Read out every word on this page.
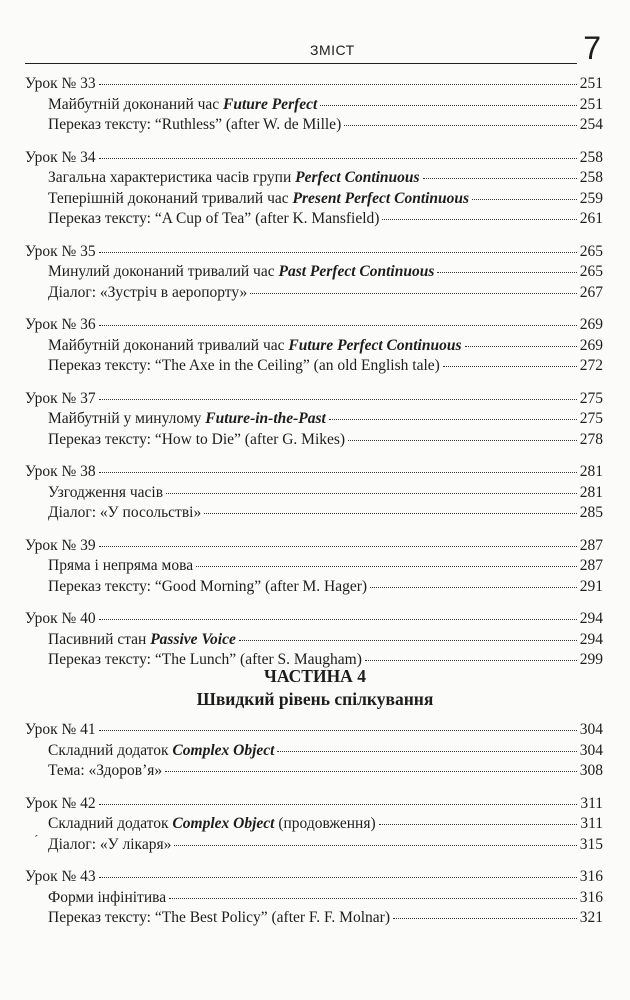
ЗМІСТ	7
Урок № 33	251
Майбутній доконаний час Future Perfect	251
Переказ тексту: “Ruthless” (after W. de Mille)	254
Урок № 34	258
Загальна характеристика часів групи Perfect Continuous	258
Теперішній доконаний тривалий час Present Perfect Continuous	259
Переказ тексту: “A Cup of Tea” (after K. Mansfield)	261
Урок № 35	265
Минулий доконаний тривалий час Past Perfect Continuous	265
Діалог: «Зустріч в аеропорту»	267
Урок № 36	269
Майбутній доконаний тривалий час Future Perfect Continuous	269
Переказ тексту: “The Axe in the Ceiling” (an old English tale)	272
Урок № 37	275
Майбутній у минулому Future-in-the-Past	275
Переказ тексту: “How to Die” (after G. Mikes)	278
Урок № 38	281
Узгодження часів	281
Діалог: «У посольстві»	285
Урок № 39	287
Пряма і непряма мова	287
Переказ тексту: “Good Morning” (after M. Hager)	291
Урок № 40	294
Пасивний стан Passive Voice	294
Переказ тексту: “The Lunch” (after S. Maugham)	299
ЧАСТИНА 4
Швидкий рівень спілкування
Урок № 41	304
Складний додаток Complex Object	304
Тема: «Здоров’я»	308
Урок № 42	311
Складний додаток Complex Object (продовження)	311
Діалог: «У лікаря»	315
Урок № 43	316
Форми інфінітива	316
Переказ тексту: “The Best Policy” (after F. F. Molnar)	321
ˊ
